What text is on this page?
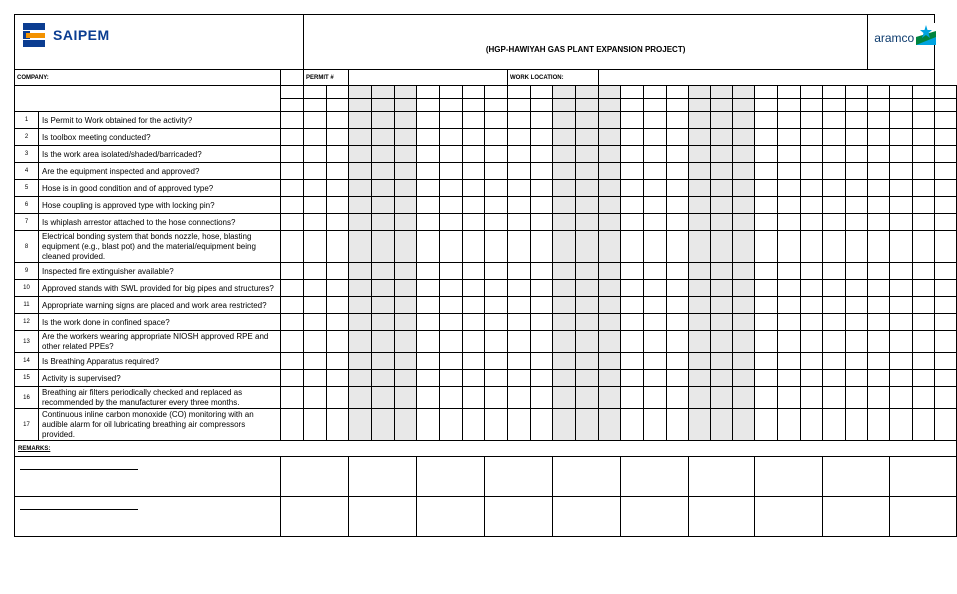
SAIPEM			(HGP-HAWIYAH GAS PLANT EXPANSION PROJECT)																									aramco			

COMPANY:			PERMIT #									WORK LOCATION:																			

1	Is Permit to Work obtained for the activity?																														
2	Is toolbox meeting conducted?																														
3	Is the work area isolated/shaded/barricaded?																														
4	Are the equipment inspected and approved?																														
5	Hose is in good condition and of approved type?																														
6	Hose coupling is approved type with locking pin?																														
7	Is whiplash arrestor attached to the hose connections?																														
8	Electrical bonding system that bonds nozzle, hose, blasting equipment (e.g., blast pot) and the material/equipment being cleaned provided.																														
9	Inspected fire extinguisher available?																														
10	Approved stands with SWL provided for big pipes and structures?																														
11	Appropriate warning signs are placed and work area restricted?																														
12	Is the work done in confined space?																														
13	Are the workers wearing appropriate NIOSH approved RPE and other related PPEs?																														
14	Is Breathing Apparatus required?																														
15	Activity is supervised?																														
16	Breathing air filters periodically checked and replaced as recommended by the manufacturer every three months.																														
17	Continuous inline carbon monoxide (CO) monitoring with an audible alarm for oil lubricating breathing air compressors provided.																														
REMARKS:																															
